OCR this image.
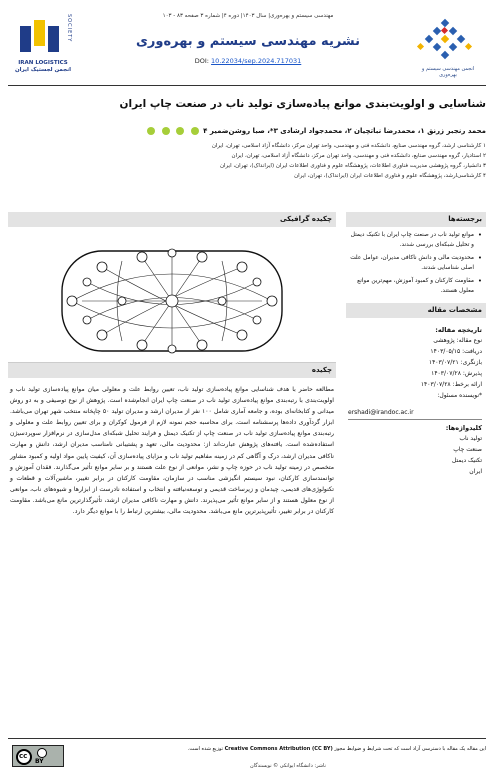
SOCIETY
IRAN LOGISTICS
انجمن لجستیک ایران
مهندسی سیستم و بهره‌وری| سال ۱۴۰۳| دوره ۴| شماره ۳ صفحه ۸۳ - ۱۰۳
نشریه مهندسی سیستم و بهره‌وری
DOI: 10.22034/sep.2024.717031
انجمن مهندسی سیستم و بهره‌وری
شناسایی و اولویت‌بندی موانع پیاده‌سازی تولید ناب در صنعت چاپ ایران
محمد رنجبر زرنق ۱، محمدرضا نباتچیان ۲، محمدجواد ارشادی ۳*، صبا روشن‌ضمیر ۴
۱ کارشناسی ارشد، گروه مهندسی صنایع، دانشکده فنی و مهندسی، واحد تهران مرکز، دانشگاه آزاد اسلامی، تهران، ایران
۲ استادیار، گروه مهندسی صنایع، دانشکده فنی و مهندسی، واحد تهران مرکز، دانشگاه آزاد اسلامی، تهران، ایران
۳ دانشیار، گروه پژوهشی مدیریت فناوری اطلاعات، پژوهشگاه علوم و فناوری اطلاعات ایران (ایرانداک)، تهران، ایران
۴ کارشناسی‌ارشد، پژوهشگاه علوم و فناوری اطلاعات ایران (ایرانداک)، تهران، ایران
برجسته‌ها
• موانع تولید ناب در صنعت چاپ ایران با تکنیک دیمتل و تحلیل شبکه‌ای بررسی شدند.
• محدودیت مالی و دانش ناکافی مدیران، عوامل علت اصلی شناسایی شدند.
• مقاومت کارکنان و کمبود آموزش، مهم‌ترین موانع معلول هستند.
مشخصات مقاله
تاریخچه مقاله:
نوع مقاله: پژوهشی
دریافت: ۱۴۰۳/۰۵/۱۵
بازنگری: ۱۴۰۳/۰۷/۲۱
پذیرش: ۱۴۰۳/۰۷/۲۸
ارائه برخط: ۱۴۰۳/۰۷/۲۸
*نویسنده مسئول:
ershadi@irandoc.ac.ir
کلیدواژه‌ها:
تولید ناب
صنعت چاپ
تکنیک دیمتل
ایران
چکیده گرافیکی
چکیده
مطالعه حاضر با هدف شناسایی موانع پیاده‌سازی تولید ناب، تعیین روابط علت و معلولی میان موانع پیاده‌سازی تولید ناب و اولویت‌بندی با رتبه‌بندی موانع پیاده‌سازی تولید ناب در صنعت چاپ ایران انجام‌شده است. پژوهش از نوع توصیفی و به دو روش میدانی و کتابخانه‌ای بوده، و جامعه آماری شامل ۱۰۰ نفر از مدیران ارشد و مدیران تولید ۵۰ چاپخانه منتخب شهر تهران می‌باشد. ابزار گردآوری داده‌ها پرسشنامه است. برای محاسبه حجم نمونه لازم از فرمول کوکران و برای تعیین روابط علت و معلولی و رتبه‌بندی موانع پیاده‌سازی تولید ناب در صنعت چاپ از تکنیک دیمتل و فرایند تحلیل شبکه‌ای مدل‌سازی در نرم‌افزار سوپردسیژن استفاده‌شده است. یافته‌های پژوهش عبارت‌اند از: محدودیت مالی، تعهد و پشتیبانی نامناسب مدیران ارشد، دانش و مهارت ناکافی مدیران ارشد، درک و آگاهی کم در زمینه مفاهیم تولید ناب و مزایای پیاده‌سازی آن، کیفیت پایین مواد اولیه و کمبود مشاور متخصص در زمینه تولید ناب در حوزه چاپ و نشر، موانعی از نوع علت هستند و بر سایر موانع تأثیر می‌گذارند. فقدان آموزش و توانمندسازی کارکنان، نبود سیستم انگیزشی مناسب در سازمان، مقاومت کارکنان در برابر تغییر، ماشین‌آلات و قطعات و تکنولوژی‌های قدیمی، چیدمان و زیرساخت قدیمی و توسعه‌نیافته و انتخاب و استفاده نادرست از ابزارها و شیوه‌های ناب، موانعی از نوع معلول هستند و از سایر موانع تأثیر می‌پذیرند. دانش و مهارت ناکافی مدیران ارشد، تأثیرگذارترین مانع می‌باشد. مقاومت کارکنان در برابر تغییر، تأثیرپذیرترین مانع می‌باشد. محدودیت مالی، بیشترین ارتباط را با موانع دیگر دارد.
cc
BY
این مقاله یک مقاله با دسترسی آزاد است که تحت شرایط و ضوابط مجوز Creative Commons Attribution (CC BY) توزیع شده است.
ناشر: دانشگاه ایوانکی © نویسندگان
